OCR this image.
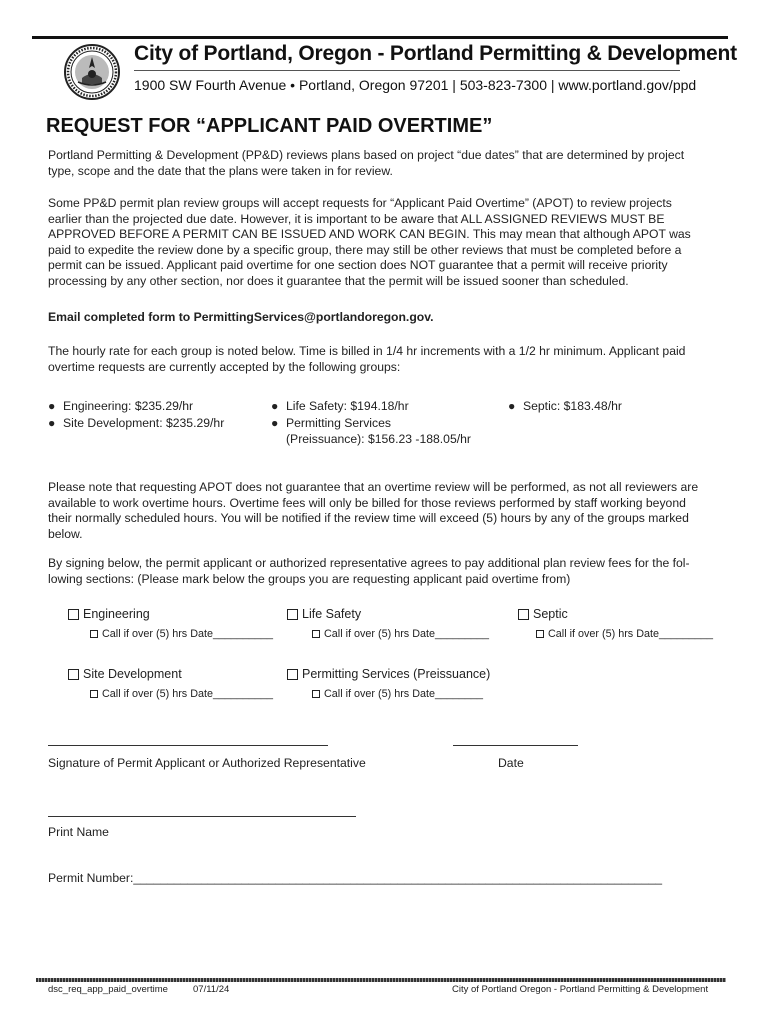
City of Portland, Oregon - Portland Permitting & Development
1900 SW Fourth Avenue • Portland, Oregon 97201 | 503-823-7300 | www.portland.gov/ppd
REQUEST FOR “APPLICANT PAID OVERTIME”
Portland Permitting & Development (PP&D) reviews plans based on project “due dates” that are determined by project
type, scope and the date that the plans were taken in for review.
Some PP&D permit plan review groups will accept requests for “Applicant Paid Overtime” (APOT) to review projects
earlier than the projected due date. However, it is important to be aware that ALL ASSIGNED REVIEWS MUST BE
APPROVED BEFORE A PERMIT CAN BE ISSUED AND WORK CAN BEGIN. This may mean that although APOT was
paid to expedite the review done by a specific group, there may still be other reviews that must be completed before a
permit can be issued. Applicant paid overtime for one section does NOT guarantee that a permit will receive priority
processing by any other section, nor does it guarantee that the permit will be issued sooner than scheduled.
Email completed form to PermittingServices@portlandoregon.gov.
The hourly rate for each group is noted below. Time is billed in 1/4 hr increments with a 1/2 hr minimum. Applicant paid
overtime requests are currently accepted by the following groups:
● Engineering: $235.29/hr
● Site Development: $235.29/hr
● Life Safety: $194.18/hr
● Permitting Services
(Preissuance): $156.23 -188.05/hr
● Septic: $183.48/hr
Please note that requesting APOT does not guarantee that an overtime review will be performed, as not all reviewers are
available to work overtime hours. Overtime fees will only be billed for those reviews performed by staff working beyond
their normally scheduled hours. You will be notified if the review time will exceed (5) hours by any of the groups marked
below.
By signing below, the permit applicant or authorized representative agrees to pay additional plan review fees for the fol-
lowing sections: (Please mark below the groups you are requesting applicant paid overtime from)
Engineering	Life Safety	Septic
Call if over (5) hrs Date__________	Call if over (5) hrs Date_________	Call if over (5) hrs Date_________
Site Development	Permitting Services (Preissuance)
Call if over (5) hrs Date__________	Call if over (5) hrs Date________
Signature of Permit Applicant or Authorized Representative	Date
Print Name
Permit Number:______________________________________________________________________________
dsc_req_app_paid_overtime	07/11/24	City of Portland Oregon - Portland Permitting & Development
